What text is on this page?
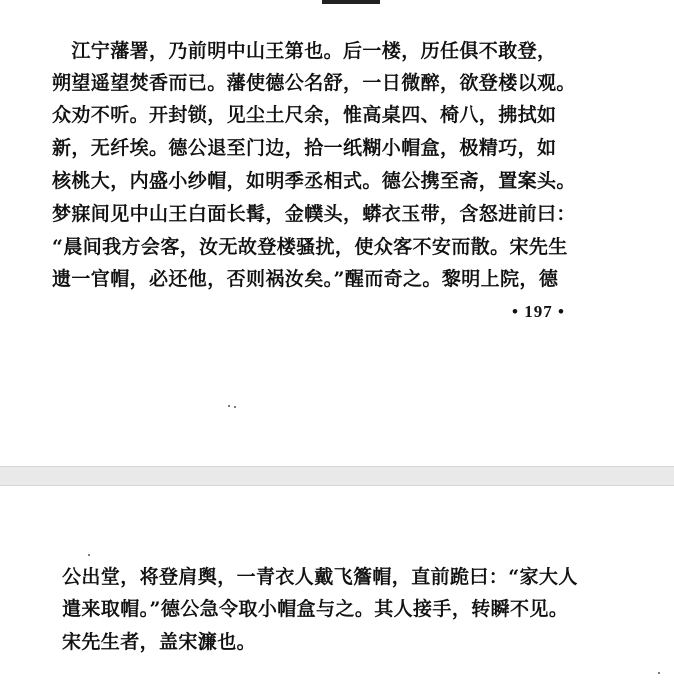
　江宁藩署，乃前明中山王第也。后一楼，历任俱不敢登，
朔望遥望焚香而已。藩使德公名舒，一日微醉，欲登楼以观。
众劝不听。开封锁，见尘土尺余，惟高桌四、椅八，拂拭如
新，无纤埃。德公退至门边，拾一纸糊小帽盒，极精巧，如
核桃大，内盛小纱帽，如明季丞相式。德公携至斋，置案头。
梦寐间见中山王白面长髯，金幞头，蟒衣玉带，含怒进前曰：
“晨间我方会客，汝无故登楼骚扰，使众客不安而散。宋先生
遗一官帽，必还他，否则祸汝矣。”醒而奇之。黎明上院，德
• 197 •
公出堂，将登肩舆，一青衣人戴飞簷帽，直前跪曰：“家大人
遣来取帽。”德公急令取小帽盒与之。其人接手，转瞬不见。
宋先生者，盖宋濂也。
